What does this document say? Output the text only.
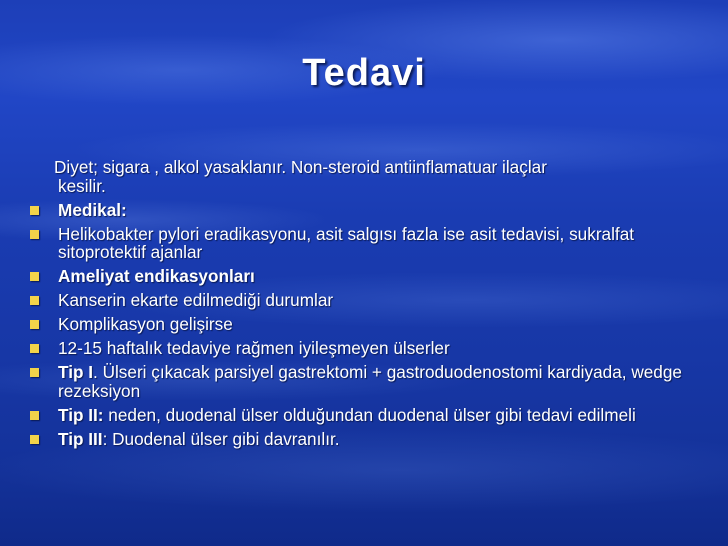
Tedavi
Diyet; sigara , alkol yasaklanır. Non-steroid antiinflamatuar ilaçlar
kesilir.
Medikal:
Helikobakter pylori eradikasyonu, asit salgısı fazla ise asit tedavisi, sukralfat sitoprotektif ajanlar
Ameliyat endikasyonları
Kanserin ekarte edilmediği durumlar
Komplikasyon gelişirse
12-15 haftalık tedaviye rağmen iyileşmeyen ülserler
Tip I. Ülseri çıkacak parsiyel gastrektomi + gastroduodenostomi kardiyada, wedge rezeksiyon
Tip II: neden, duodenal ülser olduğundan duodenal ülser gibi tedavi edilmeli
Tip III: Duodenal ülser gibi davranılır.
